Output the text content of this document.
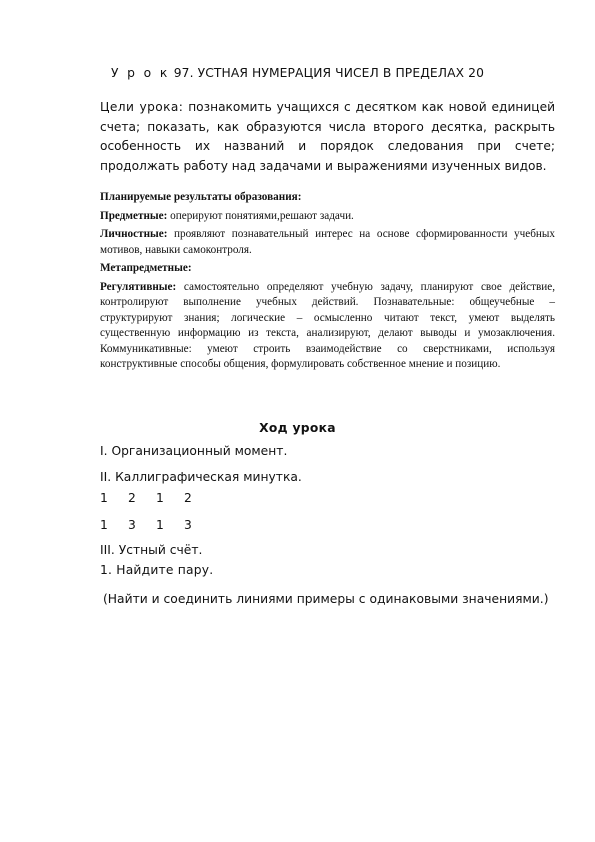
У р о к 97. УСТНАЯ НУМЕРАЦИЯ ЧИСЕЛ В ПРЕДЕЛАХ 20
Цели урока: познакомить учащихся с десятком как новой единицей счета; показать, как образуются числа второго десятка, раскрыть особенность их названий и порядок следования при счете; продолжать работу над задачами и выражениями изученных видов.

Планируемые результаты образования:

Предметные: оперируют понятиями,решают задачи.

Личностные: проявляют познавательный интерес на основе сформированности учебных мотивов, навыки самоконтроля.

Метапредметные:

Регулятивные: самостоятельно определяют учебную задачу, планируют свое действие, контролируют выполнение учебных действий. Познавательные: общеучебные – структурируют знания; логические – осмысленно читают текст, умеют выделять существенную информацию из текста, анализируют, делают выводы и умозаключения. Коммуникативные: умеют строить взаимодействие со сверстниками, используя конструктивные способы общения, формулировать собственное мнение и позицию.

Ход урока
I. Организационный момент.
II. Каллиграфическая минутка.
1	2	1	2
1	3	1	3
III. Устный счёт.
1. Найдите пару.
(Найти и соединить линиями примеры с одинаковыми значениями.)
